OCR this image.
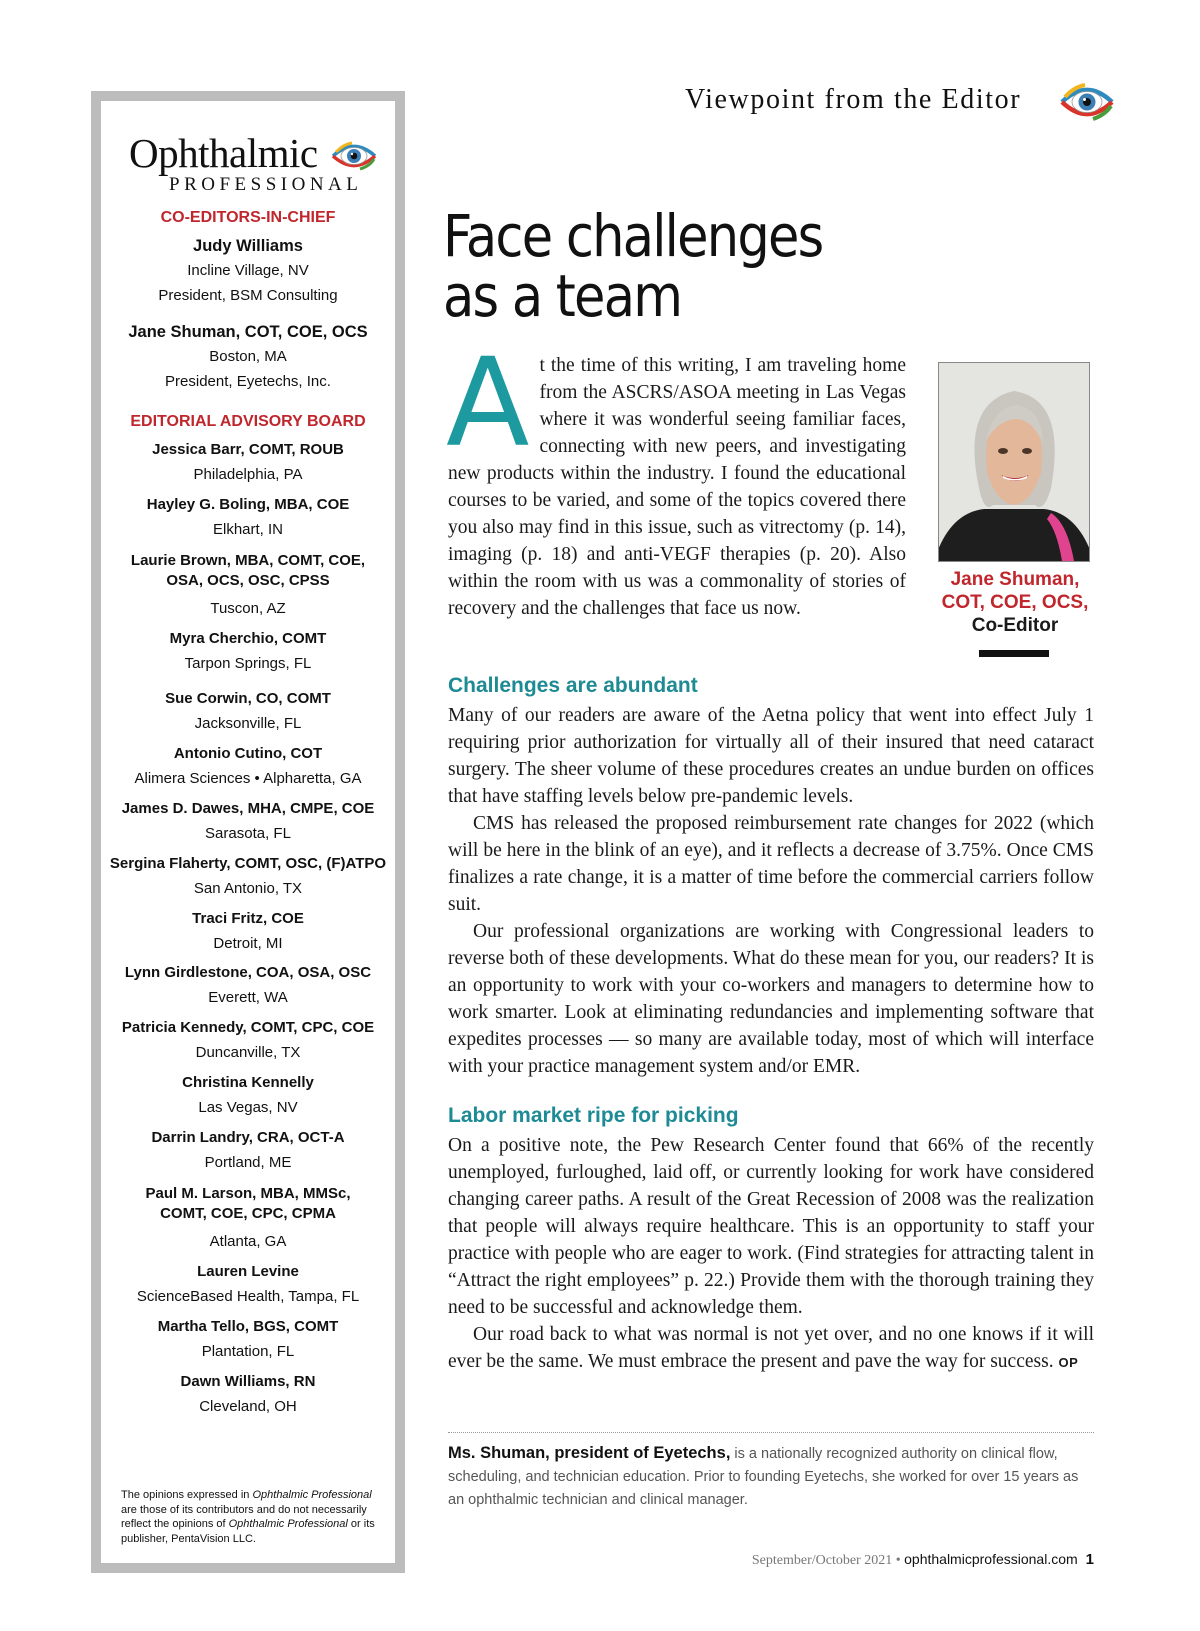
Ophthalmic
PROFESSIONAL
CO-EDITORS-IN-CHIEF
Judy Williams
Incline Village, NV
President, BSM Consulting
Jane Shuman, COT, COE, OCS
Boston, MA
President, Eyetechs, Inc.
EDITORIAL ADVISORY BOARD
Jessica Barr, COMT, ROUB
Philadelphia, PA
Hayley G. Boling, MBA, COE
Elkhart, IN
Laurie Brown, MBA, COMT, COE,
OSA, OCS, OSC, CPSS
Tuscon, AZ
Myra Cherchio, COMT
Tarpon Springs, FL
Sue Corwin, CO, COMT
Jacksonville, FL
Antonio Cutino, COT
Alimera Sciences • Alpharetta, GA
James D. Dawes, MHA, CMPE, COE
Sarasota, FL
Sergina Flaherty, COMT, OSC, (F)ATPO
San Antonio, TX
Traci Fritz, COE
Detroit, MI
Lynn Girdlestone, COA, OSA, OSC
Everett, WA
Patricia Kennedy, COMT, CPC, COE
Duncanville, TX
Christina Kennelly
Las Vegas, NV
Darrin Landry, CRA, OCT-A
Portland, ME
Paul M. Larson, MBA, MMSc,
COMT, COE, CPC, CPMA
Atlanta, GA
Lauren Levine
ScienceBased Health, Tampa, FL
Martha Tello, BGS, COMT
Plantation, FL
Dawn Williams, RN
Cleveland, OH
The opinions expressed in Ophthalmic Professional are those of its contributors and do not necessarily reflect the opinions of Ophthalmic Professional or its publisher, PentaVision LLC.
Viewpoint from the Editor
Face challenges
as a team
A t the time of this writing, I am traveling home from the ASCRS/ASOA meeting in Las Vegas where it was wonderful seeing familiar faces, connecting with new peers, and investigating new products within the industry. I found the educational courses to be varied, and some of the topics covered there you also may find in this issue, such as vitrectomy (p. 14), imaging (p. 18) and anti-VEGF therapies (p. 20). Also within the room with us was a commonality of stories of recovery and the challenges that face us now.

Jane Shuman,
COT, COE, OCS,
Co-Editor
Challenges are abundant

Many of our readers are aware of the Aetna policy that went into effect July 1 requiring prior authorization for virtually all of their insured that need cataract surgery. The sheer volume of these procedures creates an undue burden on offices that have staffing levels below pre-pandemic levels.

CMS has released the proposed reimbursement rate changes for 2022 (which will be here in the blink of an eye), and it reflects a decrease of 3.75%. Once CMS finalizes a rate change, it is a matter of time before the commercial carriers follow suit.

Our professional organizations are working with Congressional leaders to reverse both of these developments. What do these mean for you, our readers? It is an opportunity to work with your co-workers and managers to determine how to work smarter. Look at eliminating redundancies and implementing software that expedites processes — so many are available today, most of which will interface with your practice management system and/or EMR.

Labor market ripe for picking

On a positive note, the Pew Research Center found that 66% of the recently unemployed, furloughed, laid off, or currently looking for work have considered changing career paths. A result of the Great Recession of 2008 was the realization that people will always require healthcare. This is an opportunity to staff your practice with people who are eager to work. (Find strategies for attracting talent in “Attract the right employees” p. 22.) Provide them with the thorough training they need to be successful and acknowledge them.

Our road back to what was normal is not yet over, and no one knows if it will ever be the same. We must embrace the present and pave the way for success. OP

Ms. Shuman, president of Eyetechs, is a nationally recognized authority on clinical flow, scheduling, and technician education. Prior to founding Eyetechs, she worked for over 15 years as an ophthalmic technician and clinical manager.
September/October 2021 • ophthalmicprofessional.com 1
